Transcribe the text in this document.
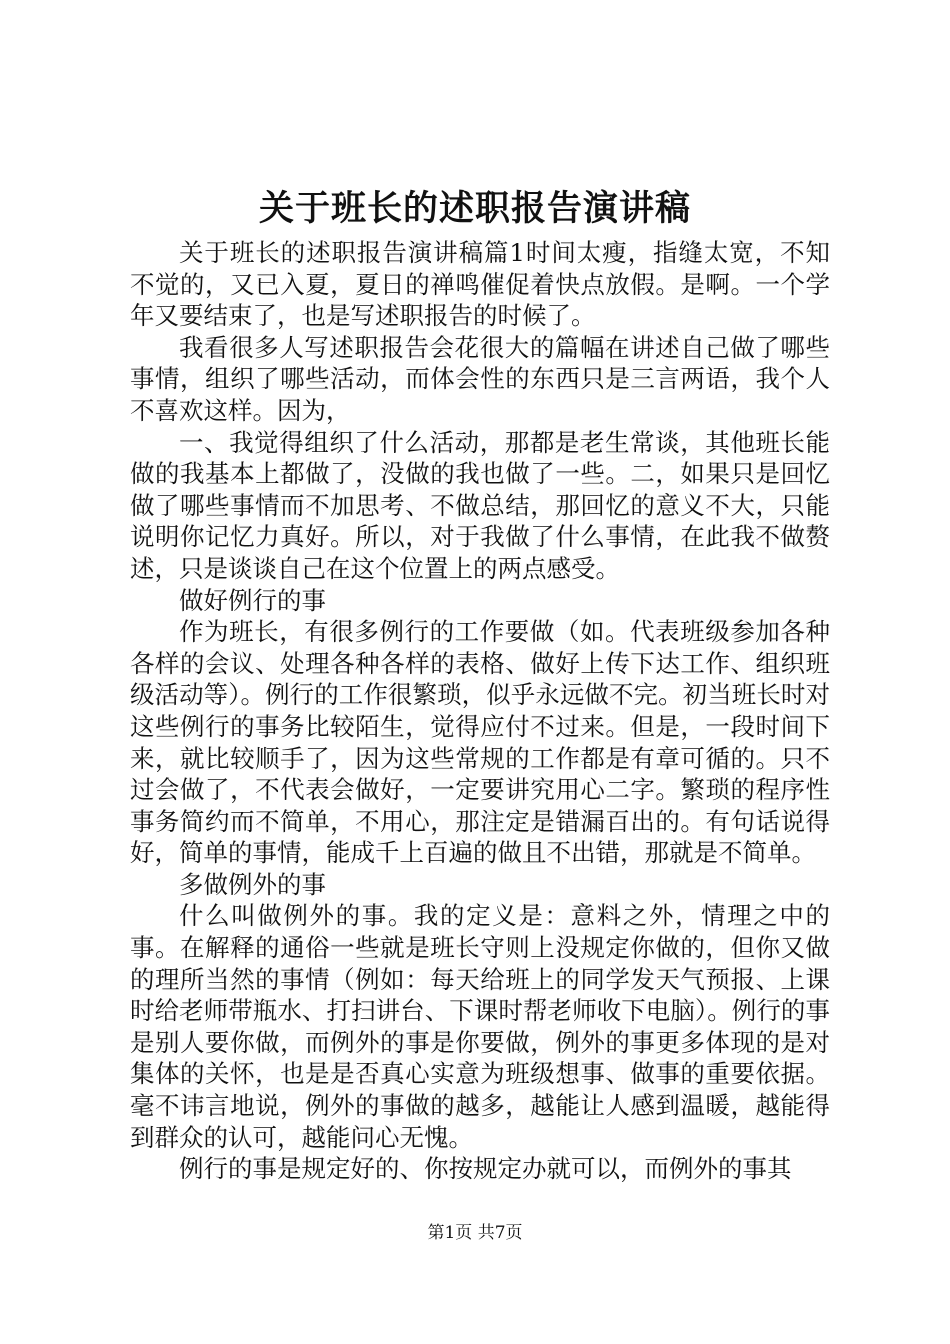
关于班长的述职报告演讲稿

关于班长的述职报告演讲稿篇1时间太瘦，指缝太宽，不知不觉的，又已入夏，夏日的禅鸣催促着快点放假。是啊。一个学年又要结束了，也是写述职报告的时候了。

我看很多人写述职报告会花很大的篇幅在讲述自己做了哪些事情，组织了哪些活动，而体会性的东西只是三言两语，我个人不喜欢这样。因为，

一、我觉得组织了什么活动，那都是老生常谈，其他班长能做的我基本上都做了，没做的我也做了一些。二，如果只是回忆做了哪些事情而不加思考、不做总结，那回忆的意义不大，只能说明你记忆力真好。所以，对于我做了什么事情，在此我不做赘述，只是谈谈自己在这个位置上的两点感受。

做好例行的事

作为班长，有很多例行的工作要做（如。代表班级参加各种各样的会议、处理各种各样的表格、做好上传下达工作、组织班级活动等）。例行的工作很繁琐，似乎永远做不完。初当班长时对这些例行的事务比较陌生，觉得应付不过来。但是，一段时间下来，就比较顺手了，因为这些常规的工作都是有章可循的。只不过会做了，不代表会做好，一定要讲究用心二字。繁琐的程序性事务简约而不简单，不用心，那注定是错漏百出的。有句话说得好，简单的事情，能成千上百遍的做且不出错，那就是不简单。

多做例外的事

什么叫做例外的事。我的定义是：意料之外，情理之中的事。在解释的通俗一些就是班长守则上没规定你做的，但你又做的理所当然的事情（例如：每天给班上的同学发天气预报、上课时给老师带瓶水、打扫讲台、下课时帮老师收下电脑）。例行的事是别人要你做，而例外的事是你要做，例外的事更多体现的是对集体的关怀，也是是否真心实意为班级想事、做事的重要依据。毫不讳言地说，例外的事做的越多，越能让人感到温暖，越能得到群众的认可，越能问心无愧。

例行的事是规定好的、你按规定办就可以，而例外的事其

第1页 共7页
